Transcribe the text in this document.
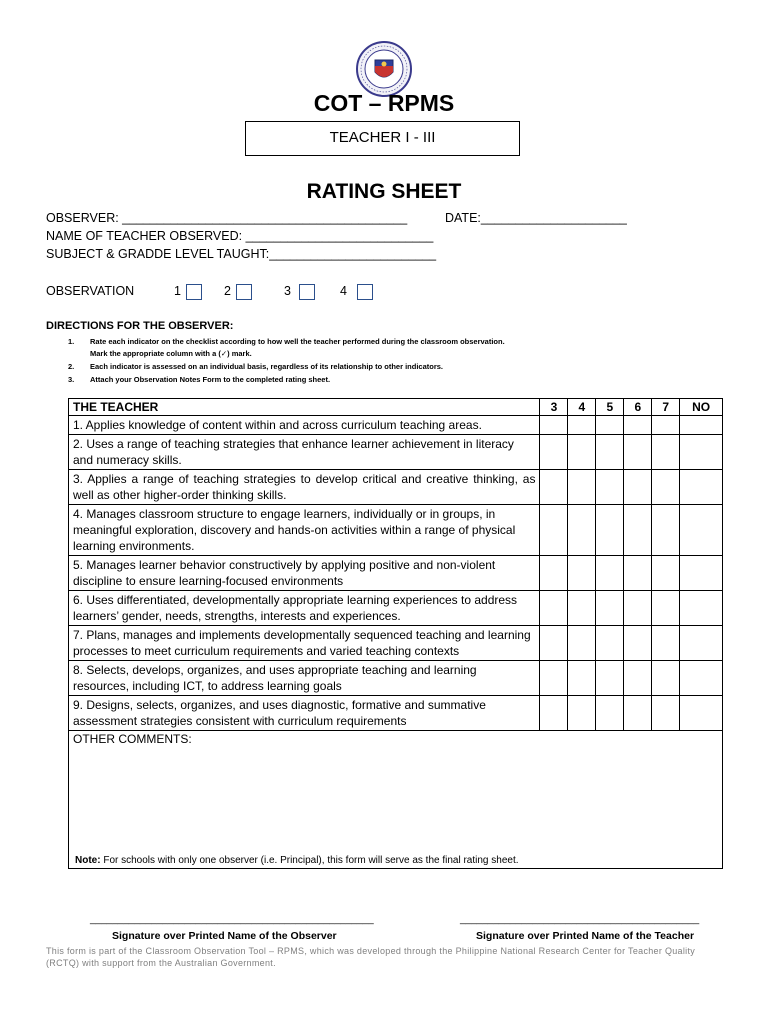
COT – RPMS
TEACHER I - III
RATING SHEET
OBSERVER: _________________________________________	DATE:_____________________
NAME OF TEACHER OBSERVED: ___________________________
SUBJECT & GRADDE LEVEL TAUGHT:________________________
OBSERVATION	1	2	3	4
DIRECTIONS FOR THE OBSERVER:
1. Rate each indicator on the checklist according to how well the teacher performed during the classroom observation.
Mark the appropriate column with a (✓) mark.
2. Each indicator is assessed on an individual basis, regardless of its relationship to other indicators.
3. Attach your Observation Notes Form to the completed rating sheet.
THE TEACHER	3	4	5	6	7	NO
1. Applies knowledge of content within and across curriculum teaching areas.						
2. Uses a range of teaching strategies that enhance learner achievement in literacy and numeracy skills.						
3. Applies a range of teaching strategies to develop critical and creative thinking, as well as other higher-order thinking skills.						
4. Manages classroom structure to engage learners, individually or in groups, in meaningful exploration, discovery and hands-on activities within a range of physical learning environments.						
5. Manages learner behavior constructively by applying positive and non-violent discipline to ensure learning-focused environments						
6. Uses differentiated, developmentally appropriate learning experiences to address learners’ gender, needs, strengths, interests and experiences.						
7. Plans, manages and implements developmentally sequenced teaching and learning processes to meet curriculum requirements and varied teaching contexts						
8. Selects, develops, organizes, and uses appropriate teaching and learning resources, including ICT, to address learning goals						
9. Designs, selects, organizes, and uses diagnostic, formative and summative assessment strategies consistent with curriculum requirements						
OTHER COMMENTS:
Note: For schools with only one observer (i.e. Principal), this form will serve as the final rating sheet.						
___________________________________________________	___________________________________________
Signature over Printed Name of the Observer	Signature over Printed Name of the Teacher
This form is part of the Classroom Observation Tool – RPMS, which was developed through the Philippine National Research Center for Teacher Quality (RCTQ) with support from the Australian Government.
